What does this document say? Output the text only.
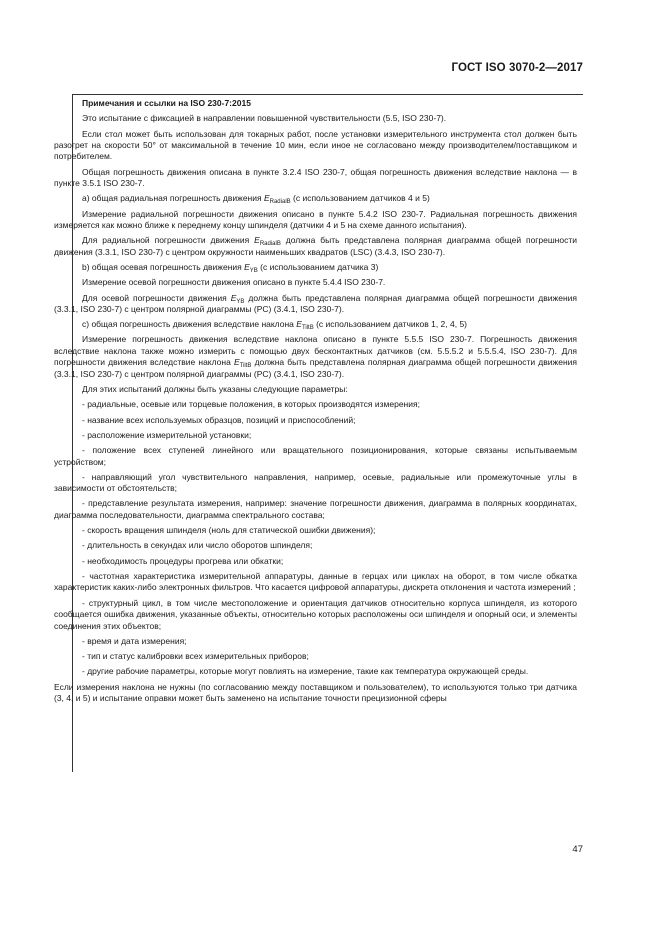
ГОСТ ISO 3070-2—2017

Примечания и ссылки на ISO 230-7:2015

Это испытание с фиксацией в направлении повышенной чувствительности (5.5, ISO 230-7).

Если стол может быть использован для токарных работ, после установки измерительного инструмента стол должен быть разогрет на скорости 50° от максимальной в течение 10 мин, если иное не согласовано между производителем/поставщиком и потребителем.

Общая погрешность движения описана в пункте 3.2.4 ISO 230-7, общая погрешность движения вследствие наклона — в пункте 3.5.1 ISO 230-7.

а) общая радиальная погрешность движения $E_{RadialB}$ (с использованием датчиков 4 и 5)

Измерение радиальной погрешности движения описано в пункте 5.4.2 ISO 230-7. Радиальная погрешность движения измеряется как можно ближе к переднему концу шпинделя (датчики 4 и 5 на схеме данного испытания).

Для радиальной погрешности движения $E_{RadialB}$ должна быть представлена полярная диаграмма общей погрешности движения (3.3.1, ISO 230-7) с центром окружности наименьших квадратов (LSC) (3.4.3, ISO 230-7).

b) общая осевая погрешность движения $E_{YB}$ (с использованием датчика 3)

Измерение осевой погрешности движения описано в пункте 5.4.4 ISO 230-7.

Для осевой погрешности движения $E_{YB}$ должна быть представлена полярная диаграмма общей погрешности движения (3.3.1, ISO 230-7) с центром полярной диаграммы (PC) (3.4.1, ISO 230-7).

c) общая погрешность движения вследствие наклона $E_{TiltB}$ (с использованием датчиков 1, 2, 4, 5)

Измерение погрешность движения вследствие наклона описано в пункте 5.5.5 ISO 230-7. Погрешность движения вследствие наклона также можно измерить с помощью двух бесконтактных датчиков (см. 5.5.5.2 и 5.5.5.4, ISO 230-7). Для погрешности движения вследствие наклона $E_{TiltB}$ должна быть представлена полярная диаграмма общей погрешности движения (3.3.1, ISO 230-7) с центром полярной диаграммы (PC) (3.4.1, ISO 230-7).

Для этих испытаний должны быть указаны следующие параметры:

- радиальные, осевые или торцевые положения, в которых производятся измерения;

- название всех используемых образцов, позиций и приспособлений;

- расположение измерительной установки;

- положение всех ступеней линейного или вращательного позиционирования, которые связаны испытываемым устройством;

- направляющий угол чувствительного направления, например, осевые, радиальные или промежуточные углы в зависимости от обстоятельств;

- представление результата измерения, например: значение погрешности движения, диаграмма в полярных координатах, диаграмма последовательности, диаграмма спектрального состава;

- скорость вращения шпинделя (ноль для статической ошибки движения);

- длительность в секундах или число оборотов шпинделя;

- необходимость процедуры прогрева или обкатки;

- частотная характеристика измерительной аппаратуры, данные в герцах или циклах на оборот, в том числе обкатка характеристик каких-либо электронных фильтров. Что касается цифровой аппаратуры, дискрета отклонения и частота измерений ;

- структурный цикл, в том числе местоположение и ориентация датчиков относительно корпуса шпинделя, из которого сообщается ошибка движения, указанные объекты, относительно которых расположены оси шпинделя и опорный оси, и элементы соединения этих объектов;

- время и дата измерения;

- тип и статус калибровки всех измерительных приборов;

- другие рабочие параметры, которые могут повлиять на измерение, такие как температура окружающей среды.

Если измерения наклона не нужны (по согласованию между поставщиком и пользователем), то используются только три датчика (3, 4, и 5) и испытание оправки может быть заменено на испытание точности прецизионной сферы

47
